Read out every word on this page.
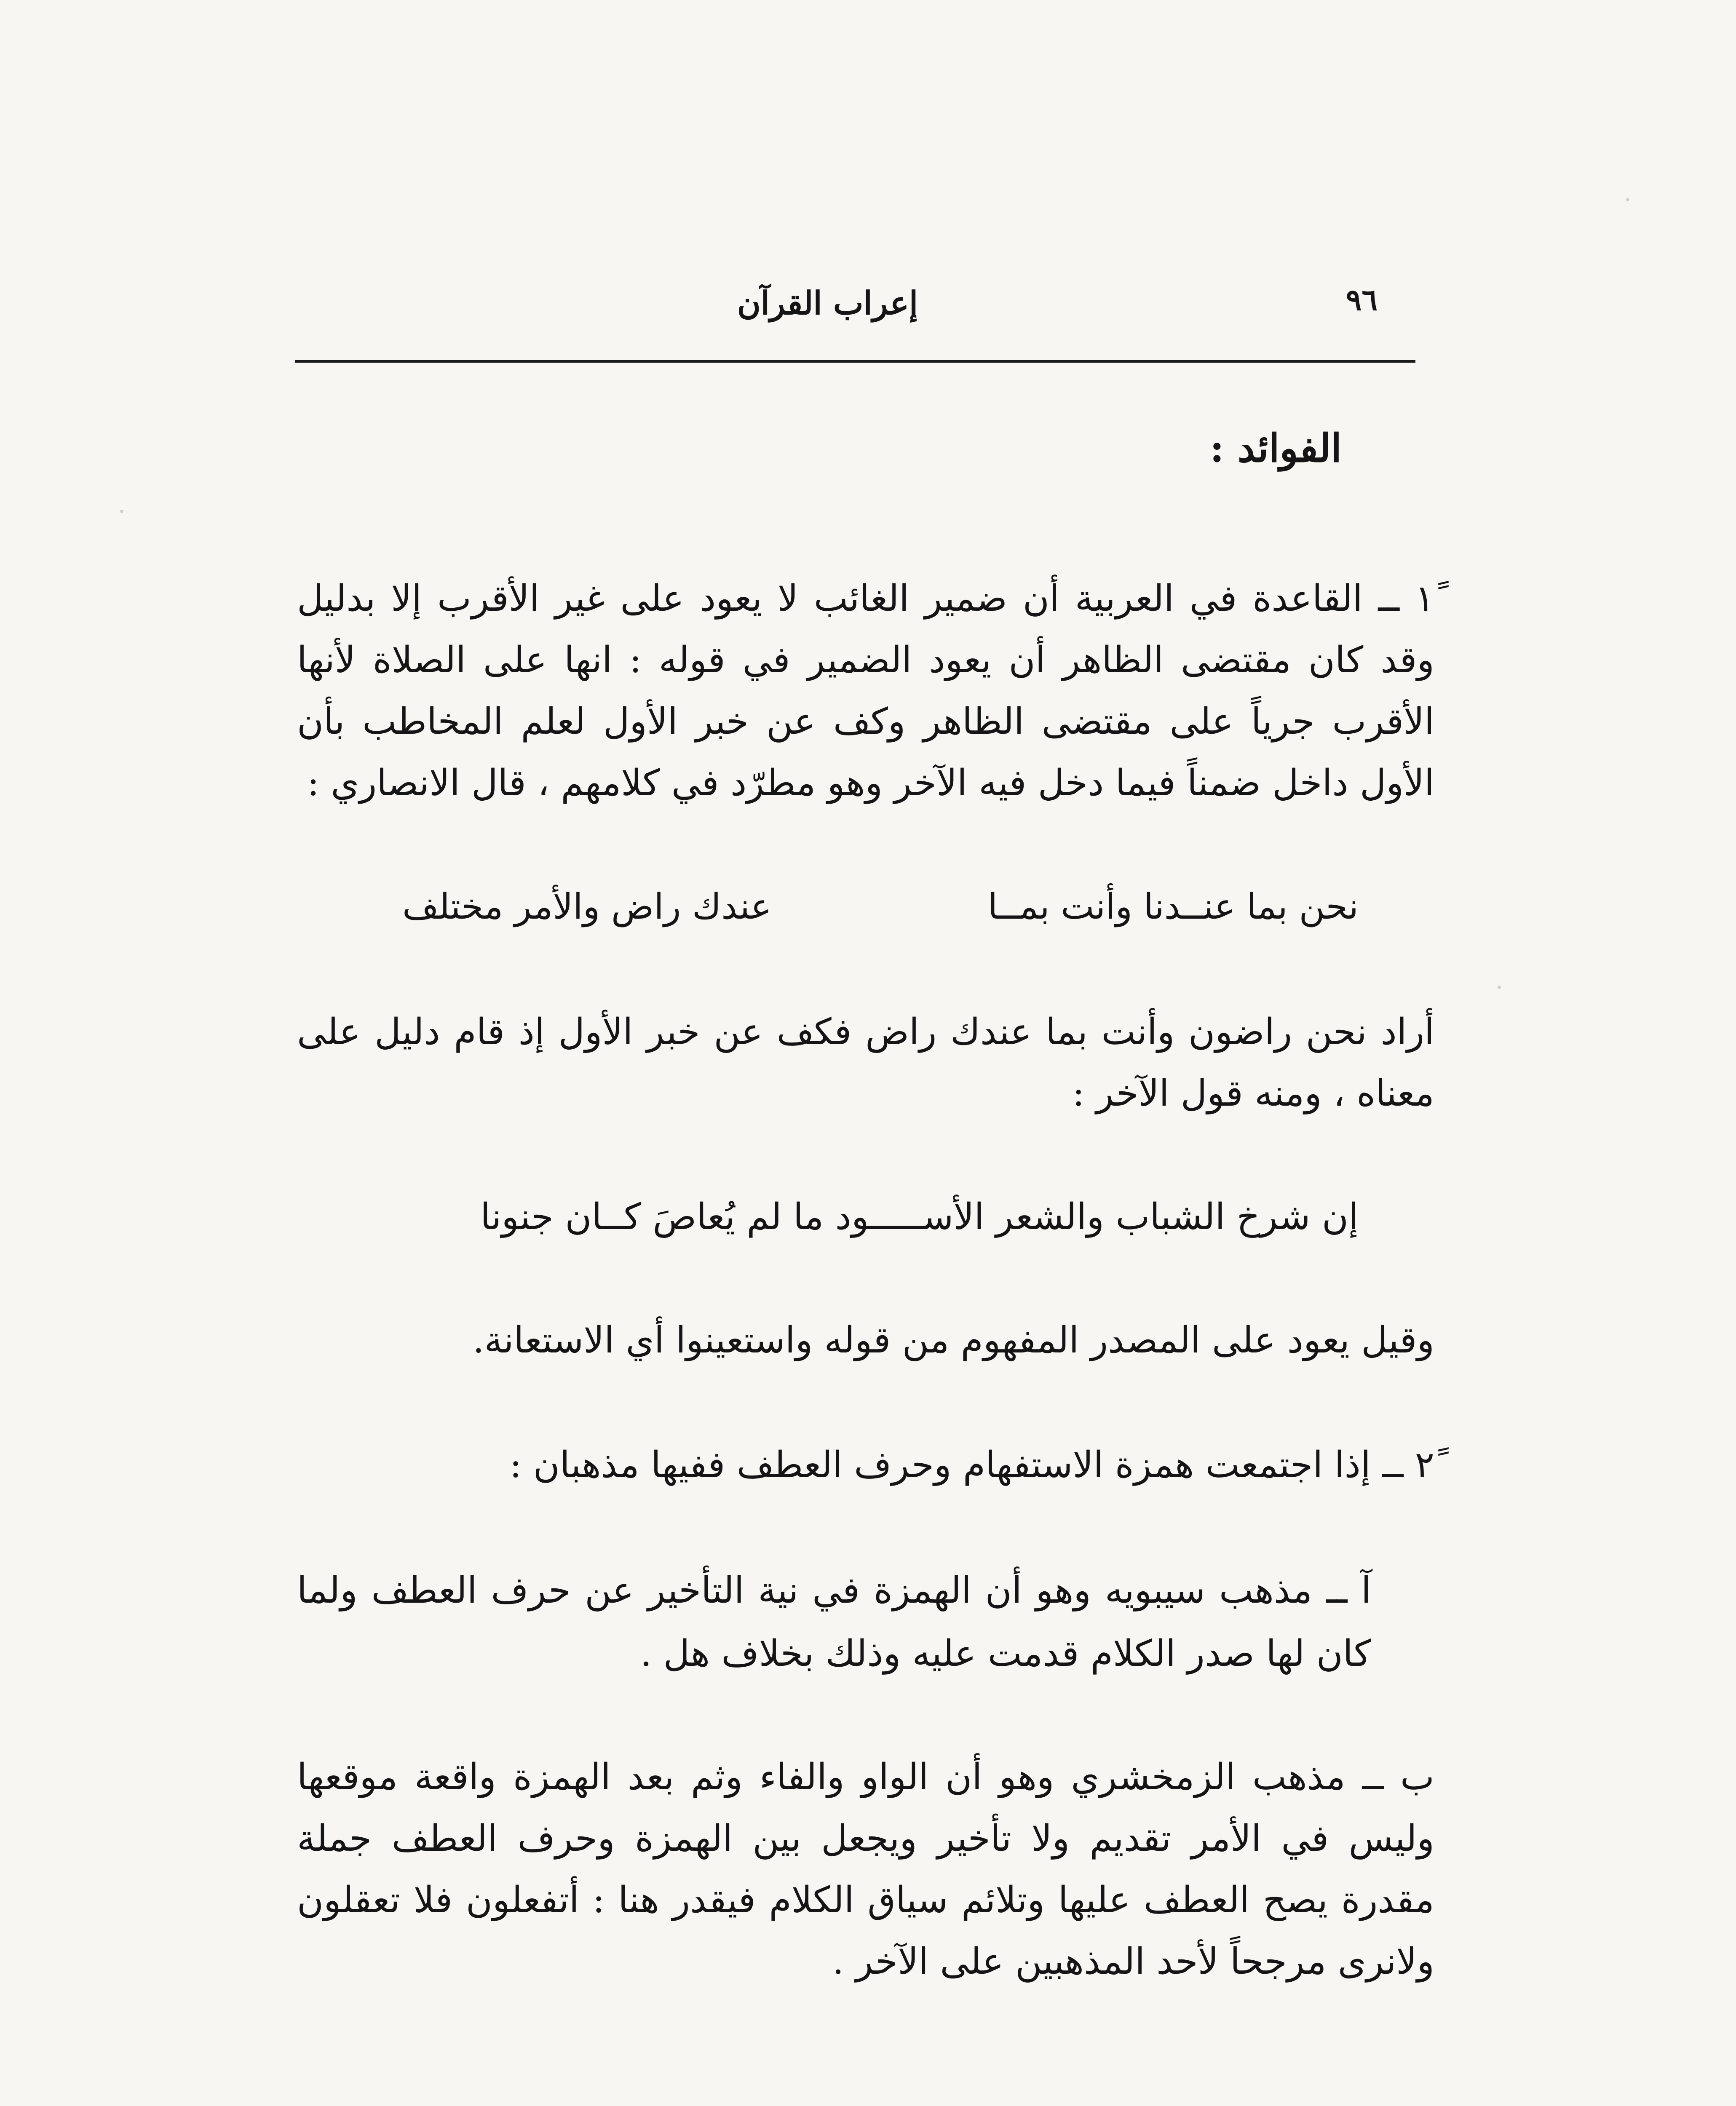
٩٦
إعراب القرآن
الفوائد :

١ً ــ القاعدة في العربية أن ضمير الغائب لا يعود على غير الأقرب إلا بدليل وقد كان مقتضى الظاهر أن يعود الضمير في قوله : انها على الصلاة لأنها الأقرب جرياً على مقتضى الظاهر وكف عن خبر الأول لعلم المخاطب بأن الأول داخل ضمناً فيما دخل فيه الآخر وهو مطرّد في كلامهم ، قال الانصاري :

نحن بما عنــدنا وأنت بمــا
عندك راض والأمر مختلف

أراد نحن راضون وأنت بما عندك راض فكف عن خبر الأول إذ قام دليل على معناه ، ومنه قول الآخر :

إن شرخ الشباب والشعر الأســـــود ما لم يُعاصَ كــان جنونا

وقيل يعود على المصدر المفهوم من قوله واستعينوا أي الاستعانة.

٢ً ــ إذا اجتمعت همزة الاستفهام وحرف العطف ففيها مذهبان :

آ ــ مذهب سيبويه وهو أن الهمزة في نية التأخير عن حرف العطف ولما كان لها صدر الكلام قدمت عليه وذلك بخلاف هل .

ب ــ مذهب الزمخشري وهو أن الواو والفاء وثم بعد الهمزة واقعة موقعها وليس في الأمر تقديم ولا تأخير ويجعل بين الهمزة وحرف العطف جملة مقدرة يصح العطف عليها وتلائم سياق الكلام فيقدر هنا : أتفعلون فلا تعقلون ولانرى مرجحاً لأحد المذهبين على الآخر .
